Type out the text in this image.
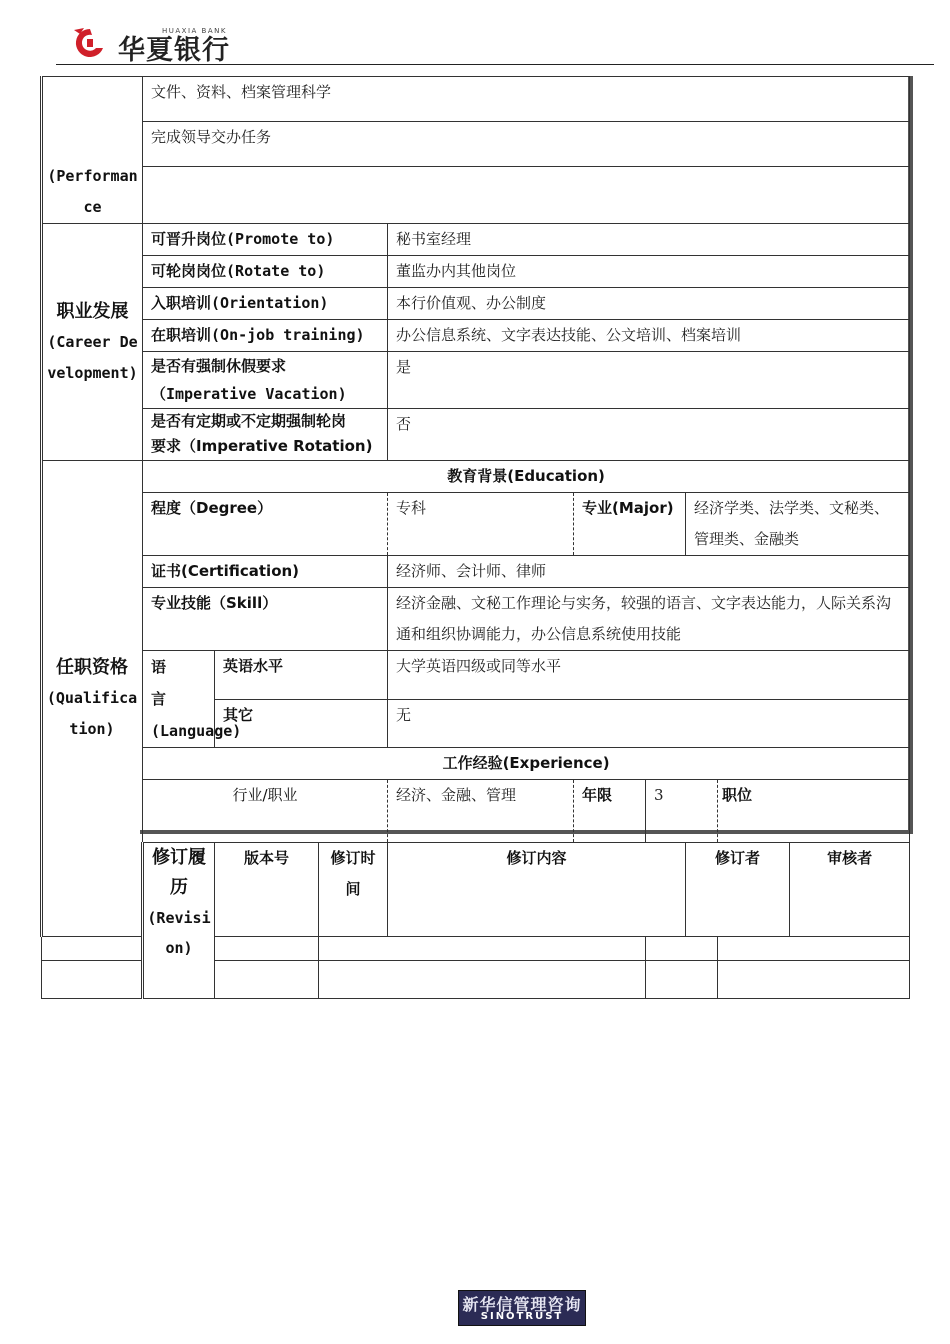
HUAXIA BANK
华夏银行
(Performance	文件、资料、档案管理科学									
	完成领导交办任务									

职业发展
(Career Development)	可晋升岗位(Promote to)			秘书室经理						
	可轮岗岗位(Rotate to)			董监办内其他岗位						
	入职培训(Orientation)			本行价值观、办公制度						
	在职培训(On-job training)			办公信息系统、文字表达技能、公文培训、档案培训						
	是否有强制休假要求
（Imperative Vacation)			是						
	是否有定期或不定期强制轮岗
要求（Imperative Rotation)			否						

任职资格
(Qualification)	教育背景(Education)									
	程度（Degree）			专科	专业(Major)		经济学类、法学类、文秘类、管理类、金融类			
	证书(Certification)			经济师、会计师、律师						
	专业技能（Skill）			经济金融、文秘工作理论与实务，较强的语言、文字表达能力，人际关系沟通和组织协调能力，办公信息系统使用技能						
	语　　言
(Language)	英语水平		大学英语四级或同等水平						
		其它		无						
	工作经验(Experience)									
	行业/职业			经济、金融、管理	年限	3		职位	

	修订履历
(Revision)	版本号	修订时间	修订内容			修订者		审核者	

新华信管理咨询
SINOTRUST
